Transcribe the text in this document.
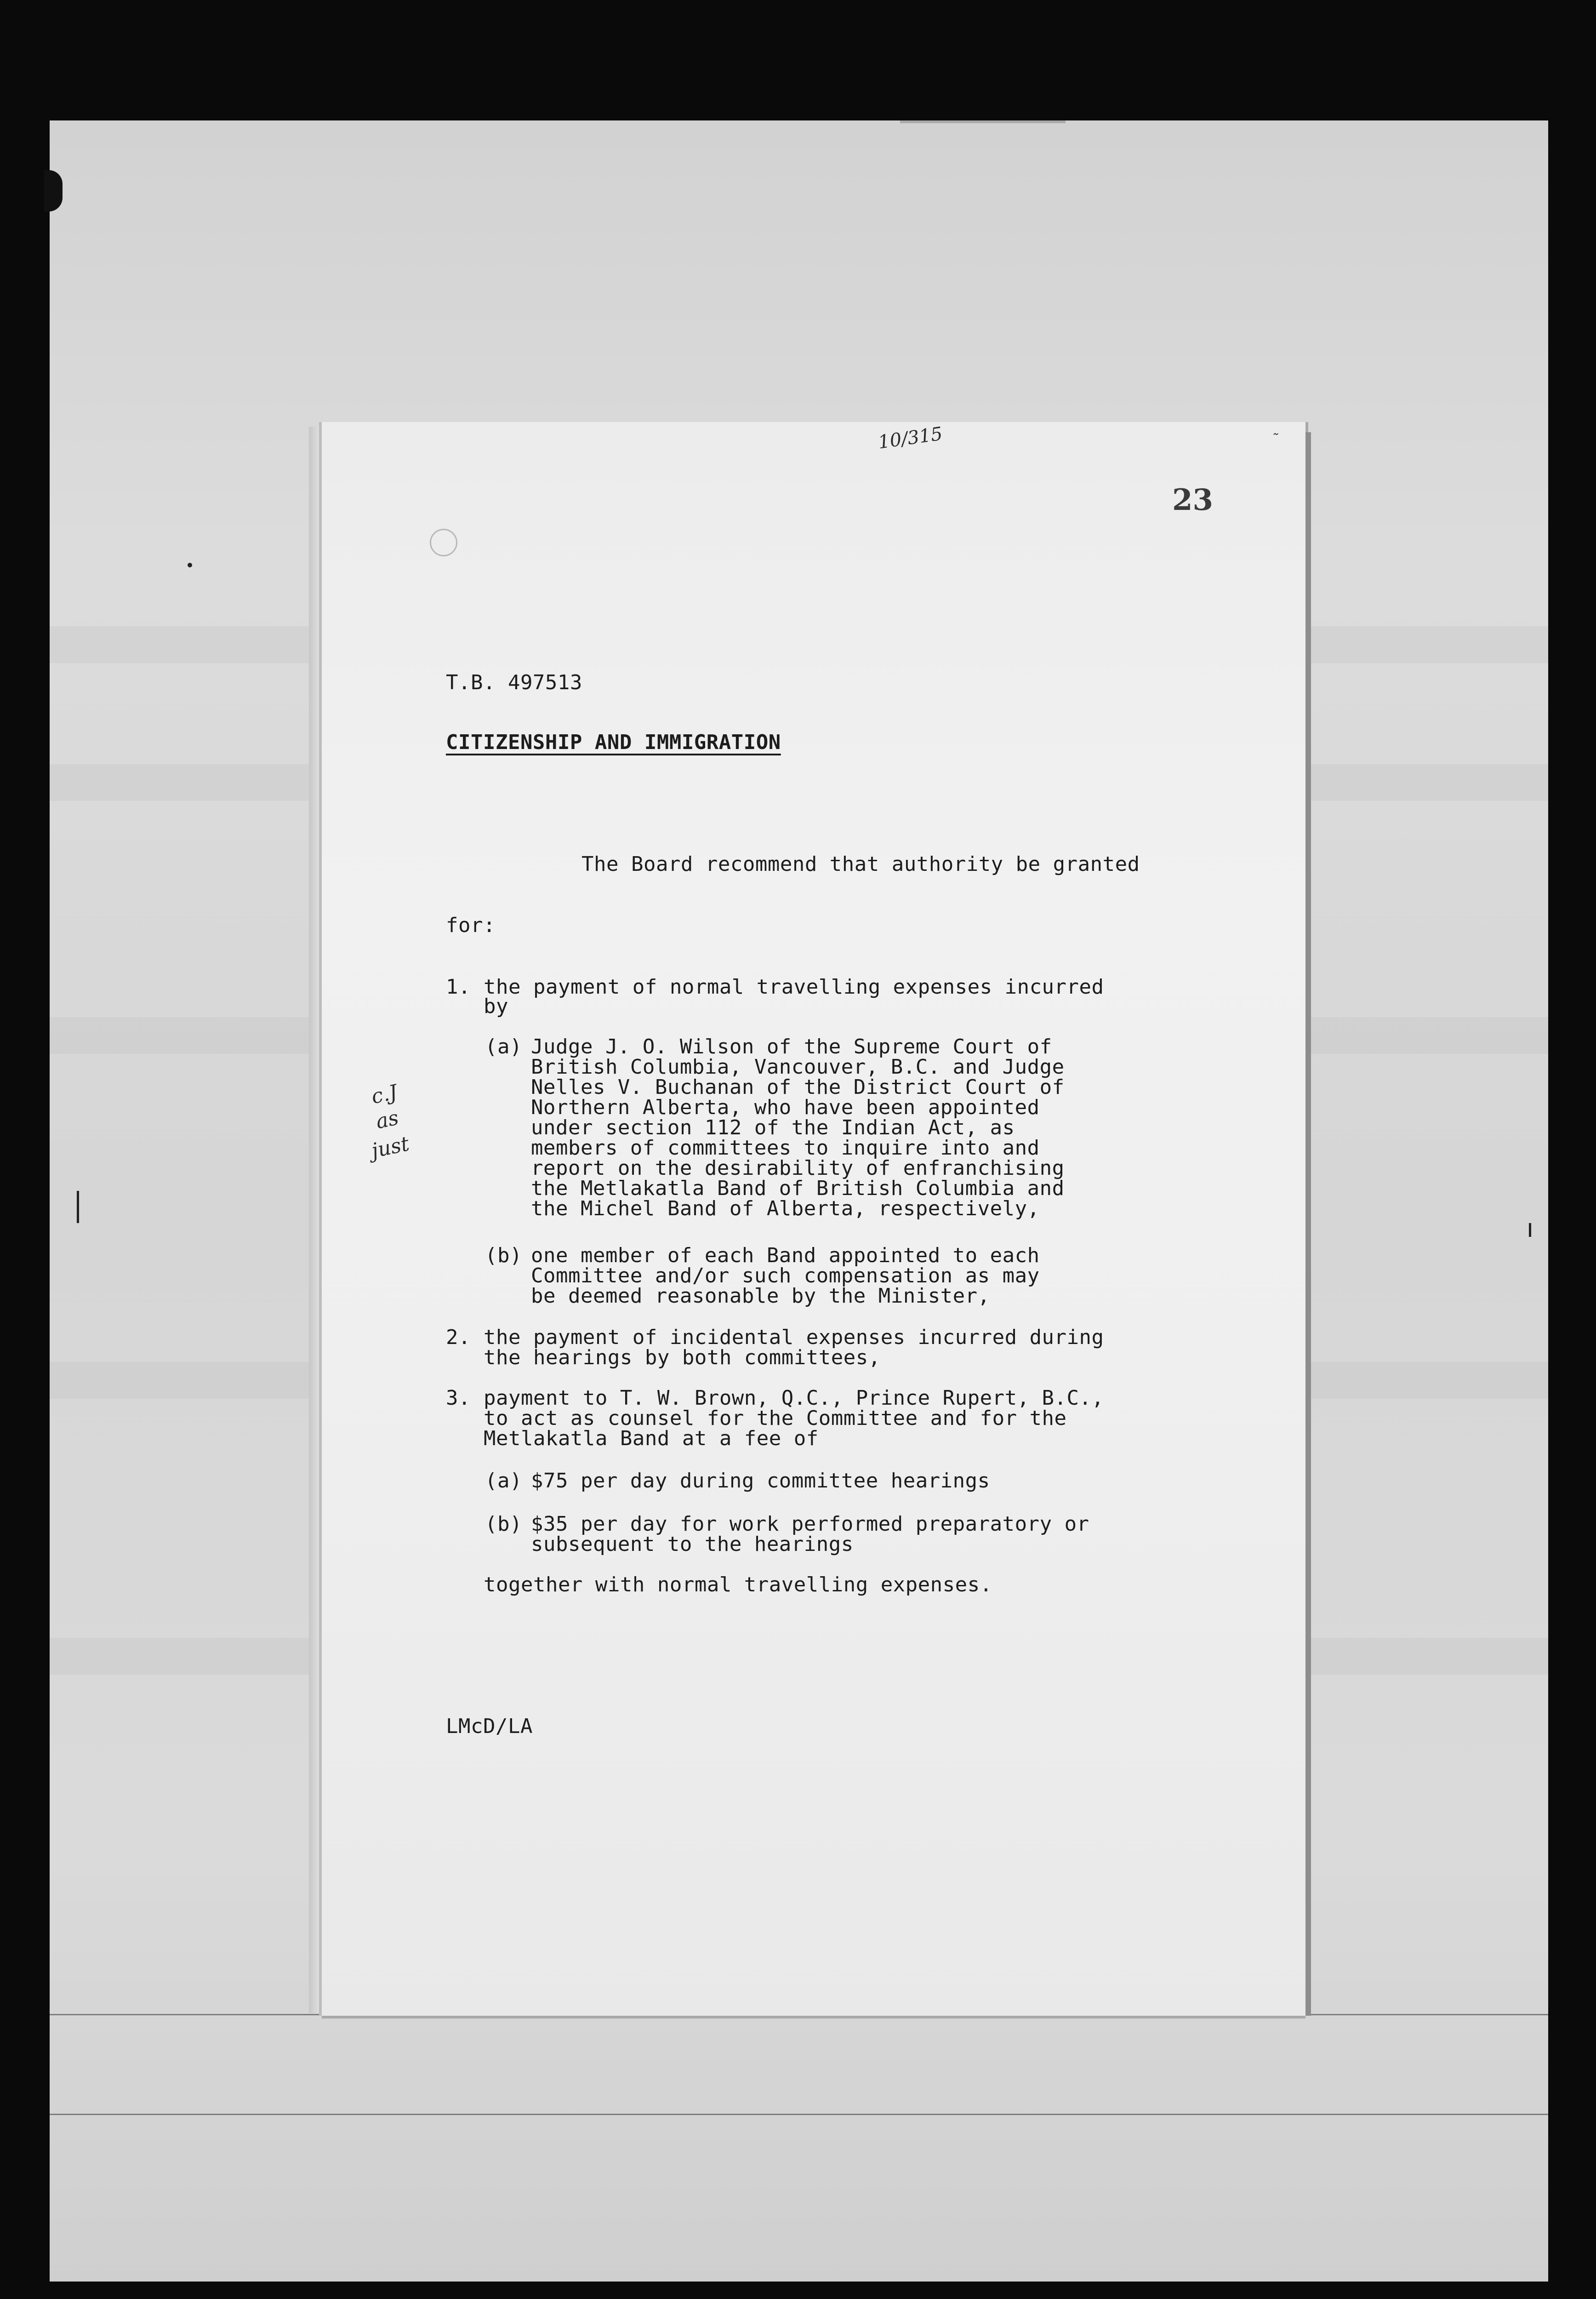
10/315	˜
23
T.B. 497513
CITIZENSHIP AND IMMIGRATION
The Board recommend that authority be granted
for:
1. the payment of normal travelling expenses incurred
by
(a) Judge J. O. Wilson of the Supreme Court of
British Columbia, Vancouver, B.C. and Judge
Nelles V. Buchanan of the District Court of
Northern Alberta, who have been appointed
under section 112 of the Indian Act, as
members of committees to inquire into and
report on the desirability of enfranchising
the Metlakatla Band of British Columbia and
the Michel Band of Alberta, respectively,
c.J
as
just
(b) one member of each Band appointed to each
Committee and/or such compensation as may
be deemed reasonable by the Minister,
2. the payment of incidental expenses incurred during
the hearings by both committees,
3. payment to T. W. Brown, Q.C., Prince Rupert, B.C.,
to act as counsel for the Committee and for the
Metlakatla Band at a fee of
(a) $75 per day during committee hearings
(b) $35 per day for work performed preparatory or
subsequent to the hearings
together with normal travelling expenses.
LMcD/LA
